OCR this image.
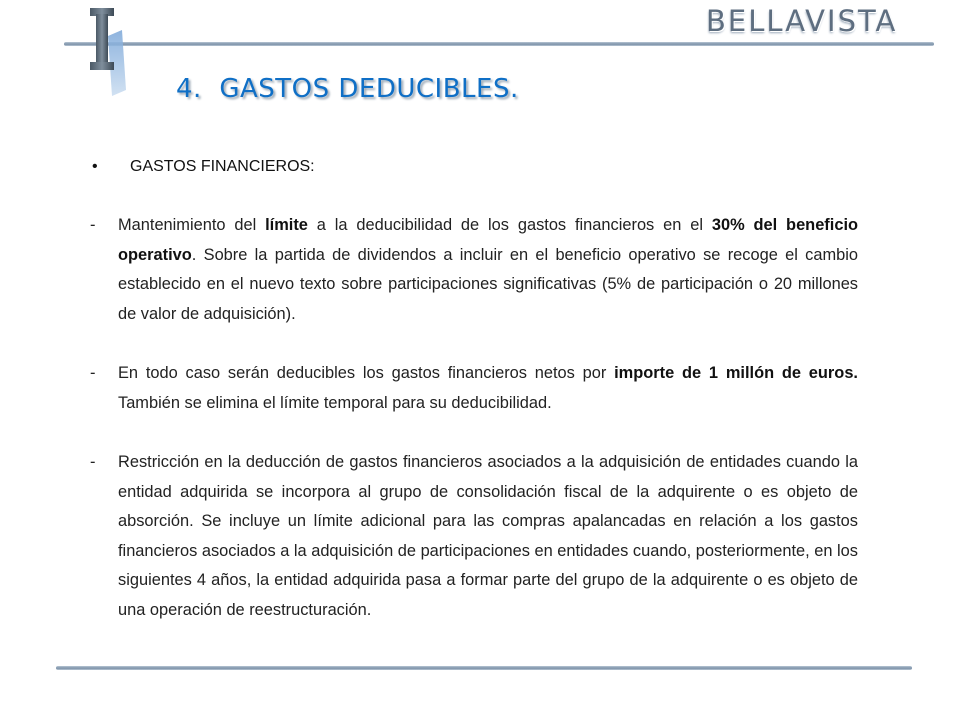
BELLAVISTA
4. GASTOS DEDUCIBLES.
• GASTOS FINANCIEROS:
-	Mantenimiento del límite a la deducibilidad de los gastos financieros en el 30% del beneficio operativo. Sobre la partida de dividendos a incluir en el beneficio operativo se recoge el cambio establecido en el nuevo texto sobre participaciones significativas (5% de participación o 20 millones de valor de adquisición).
-	En todo caso serán deducibles los gastos financieros netos por importe de 1 millón de euros. También se elimina el límite temporal para su deducibilidad.
-	Restricción en la deducción de gastos financieros asociados a la adquisición de entidades cuando la entidad adquirida se incorpora al grupo de consolidación fiscal de la adquirente o es objeto de absorción. Se incluye un límite adicional para las compras apalancadas en relación a los gastos financieros asociados a la adquisición de participaciones en entidades cuando, posteriormente, en los siguientes 4 años, la entidad adquirida pasa a formar parte del grupo de la adquirente o es objeto de una operación de reestructuración.
